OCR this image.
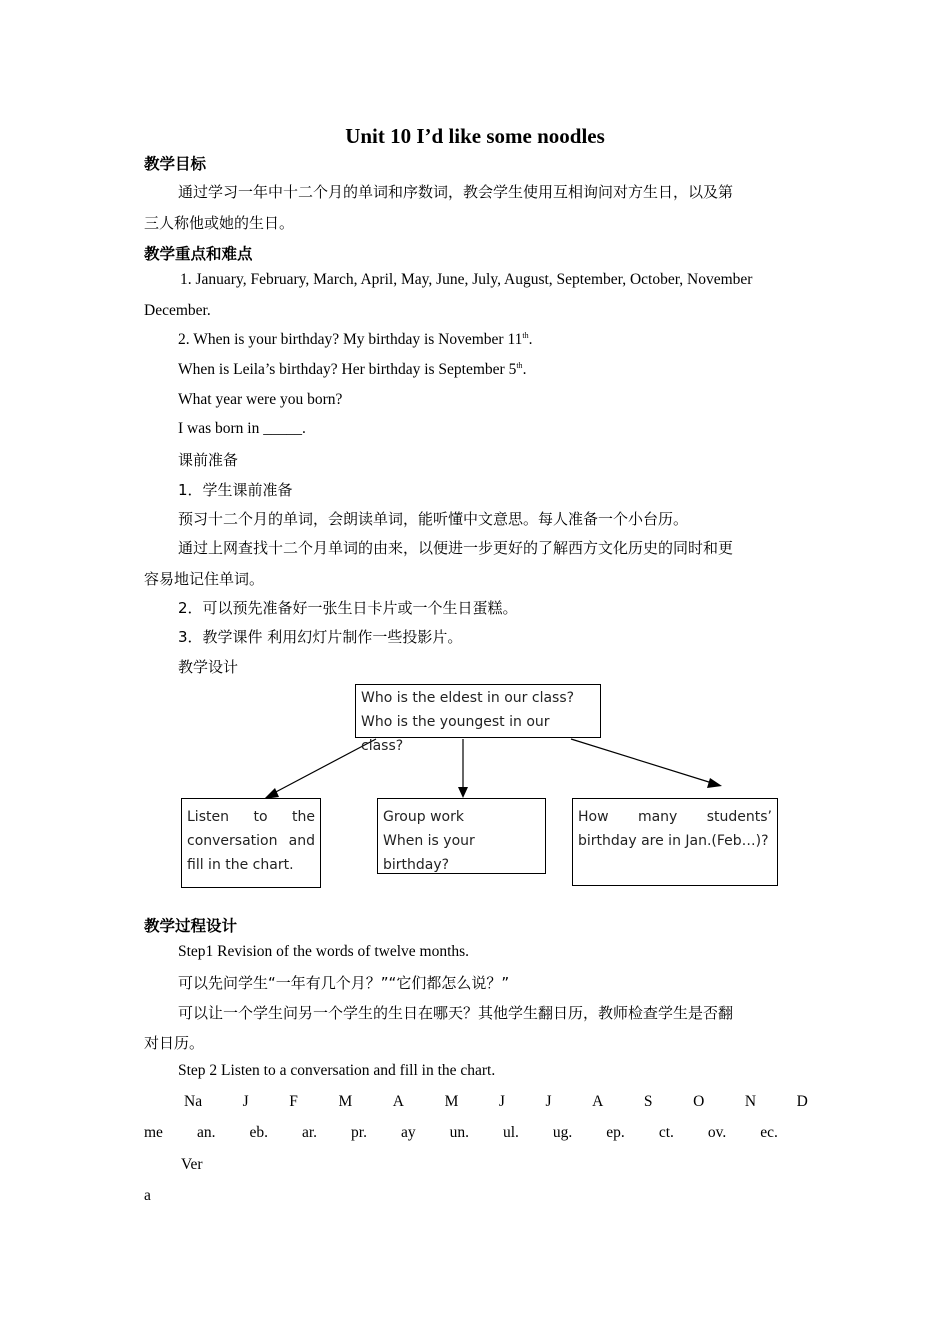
Unit 10 I’d like some noodles
教学目标
通过学习一年中十二个月的单词和序数词，教会学生使用互相询问对方生日，以及第
三人称他或她的生日。
教学重点和难点
1. January, February, March, April, May, June, July, August, September, October, November
December.
2. When is your birthday? My birthday is November 11th.
When is Leila’s birthday? Her birthday is September 5th.
What year were you born?
I was born in _____.
课前准备
1．学生课前准备
预习十二个月的单词，会朗读单词，能听懂中文意思。每人准备一个小台历。
通过上网查找十二个月单词的由来，以便进一步更好的了解西方文化历史的同时和更
容易地记住单词。
2．可以预先准备好一张生日卡片或一个生日蛋糕。
3．教学课件 利用幻灯片制作一些投影片。
教学设计
Who is the eldest in our class?
Who is the youngest in our class?
Listen to the
conversation and
fill in the chart.
Group work
When is your birthday?
How many students’
birthday are in Jan.(Feb…)?
教学过程设计
Step1 Revision of the words of twelve months.
可以先问学生“一年有几个月？”“它们都怎么说？”
可以让一个学生问另一个学生的生日在哪天？其他学生翻日历，教师检查学生是否翻
对日历。
Step 2 Listen to a conversation and fill in the chart.
Na	J	F	M	A	M	J	J	A	S	O	N	D
me an. eb. ar. pr. ay un. ul. ug. ep. ct. ov. ec.
Ver
a
